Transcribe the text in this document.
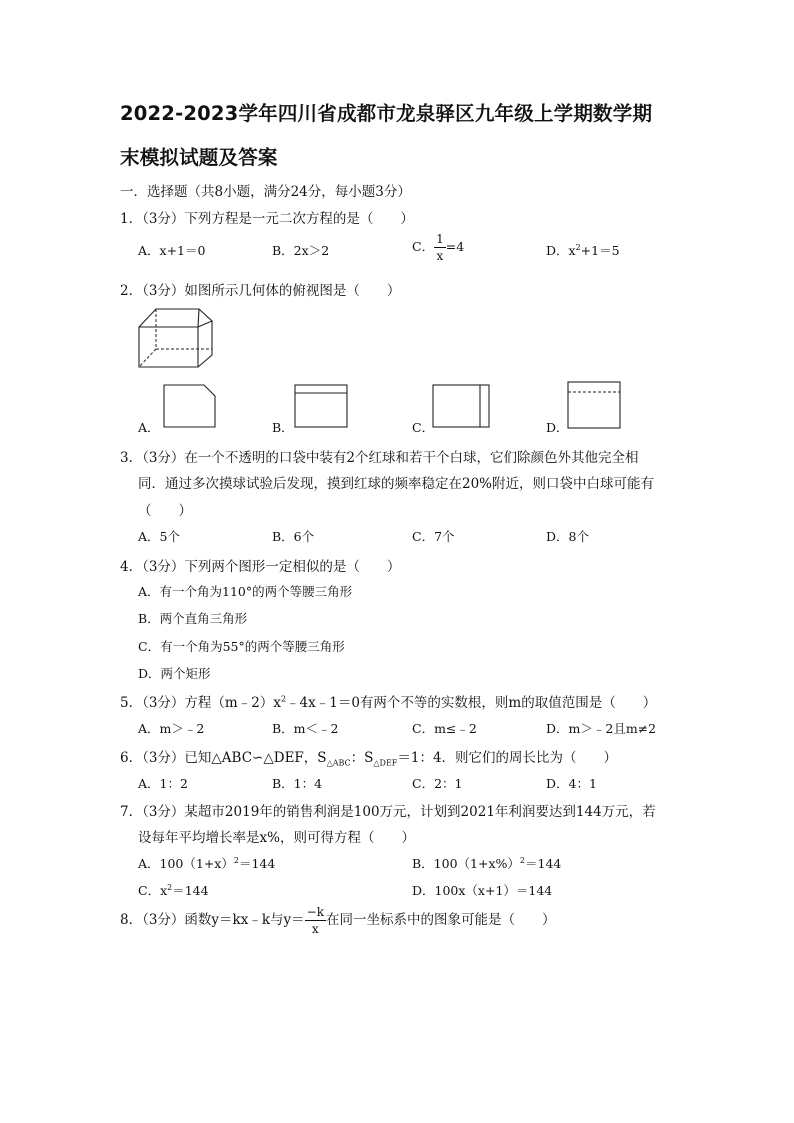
2022-2023学年四川省成都市龙泉驿区九年级上学期数学期
末模拟试题及答案
一．选择题（共8小题，满分24分，每小题3分）
1．（3分）下列方程是一元二次方程的是（　　）
A．x+1＝0	B．2x＞2	C． $\frac{1}{x} =4$	D．$x^2+1=5$
2．（3分）如图所示几何体的俯视图是（　　）
A．	B．	C．	D．
3．（3分）在一个不透明的口袋中装有2个红球和若干个白球，它们除颜色外其他完全相
同．通过多次摸球试验后发现，摸到红球的频率稳定在20%附近，则口袋中白球可能有
（　　）
A．5个	B．6个	C．7个	D．8个
4．（3分）下列两个图形一定相似的是（　　）
A．有一个角为110°的两个等腰三角形
B．两个直角三角形
C．有一个角为55°的两个等腰三角形
D．两个矩形
5．（3分）方程$(m﹣2)x^2﹣4x﹣1=0$有两个不等的实数根，则m的取值范围是（　　）
A．m＞﹣2	B．m＜﹣2	C．m≤﹣2	D．m＞﹣2且m≠2
6．（3分）已知△ABC∽△DEF，$S_{\triangle ABC}$：$S_{\triangle DEF}=1$：4．则它们的周长比为（　　）
A．1：2	B．1：4	C．2：1	D．4：1
7．（3分）某超市2019年的销售利润是100万元，计划到2021年利润要达到144万元，若
设每年平均增长率是x%，则可得方程（　　）
A．$100(1+x)^2=144$	B．$100(1+x\%)^2=144$
C．$x^2=144$	D．100x（x+1）＝144
8．（3分）函数y＝kx﹣k与$y= \frac{-k}{x}$ 在同一坐标系中的图象可能是（　　）
